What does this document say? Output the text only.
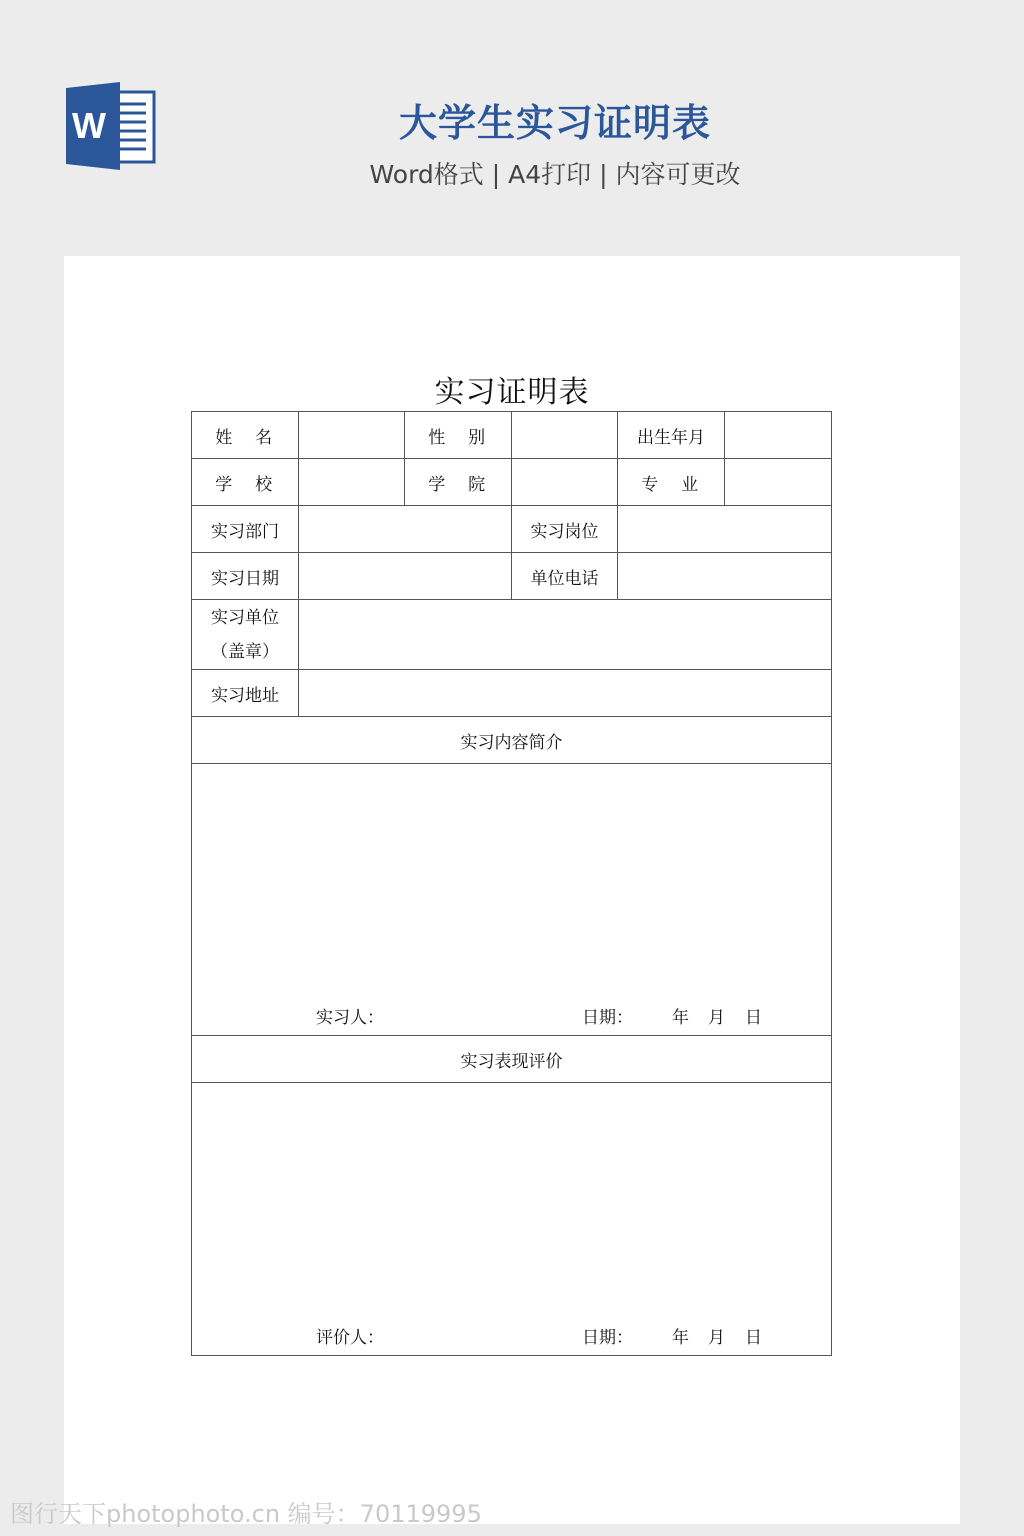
W	大学生实习证明表
Word格式 | A4打印 | 内容可更改
实习证明表
姓名		性别		出生年月	
学校		学院		专业	
实习部门			实习岗位		
实习日期			单位电话		

实习单位
（盖章）					

实习地址					
实习内容简介					

实习人： 日期： 年 月 日					

实习表现评价					

评价人： 日期： 年 月 日					
图行天下photophoto.cn 编号：70119995
